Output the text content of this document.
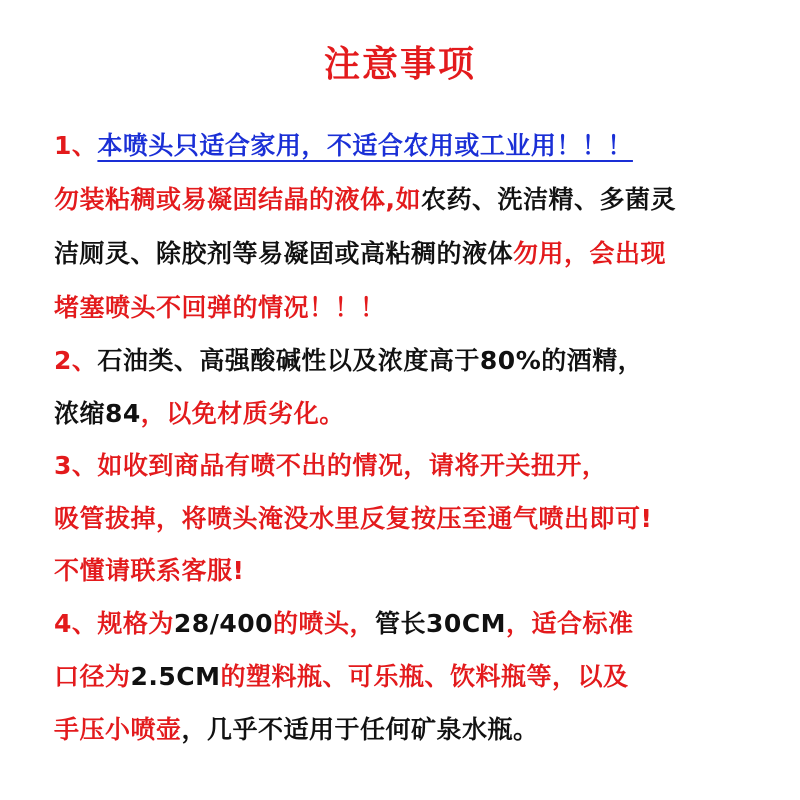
注意事项
1、本喷头只适合家用，不适合农用或工业用！！！
勿装粘稠或易凝固结晶的液体,如农药、洗洁精、多菌灵
洁厕灵、除胶剂等易凝固或高粘稠的液体勿用，会出现
堵塞喷头不回弹的情况！！！
2、石油类、高强酸碱性以及浓度高于80%的酒精，
浓缩84，以免材质劣化。
3、如收到商品有喷不出的情况，请将开关扭开，
吸管拔掉，将喷头淹没水里反复按压至通气喷出即可!
不懂请联系客服!
4、规格为28/400的喷头，管长30CM，适合标准
口径为2.5CM的塑料瓶、可乐瓶、饮料瓶等，以及
手压小喷壶，几乎不适用于任何矿泉水瓶。
